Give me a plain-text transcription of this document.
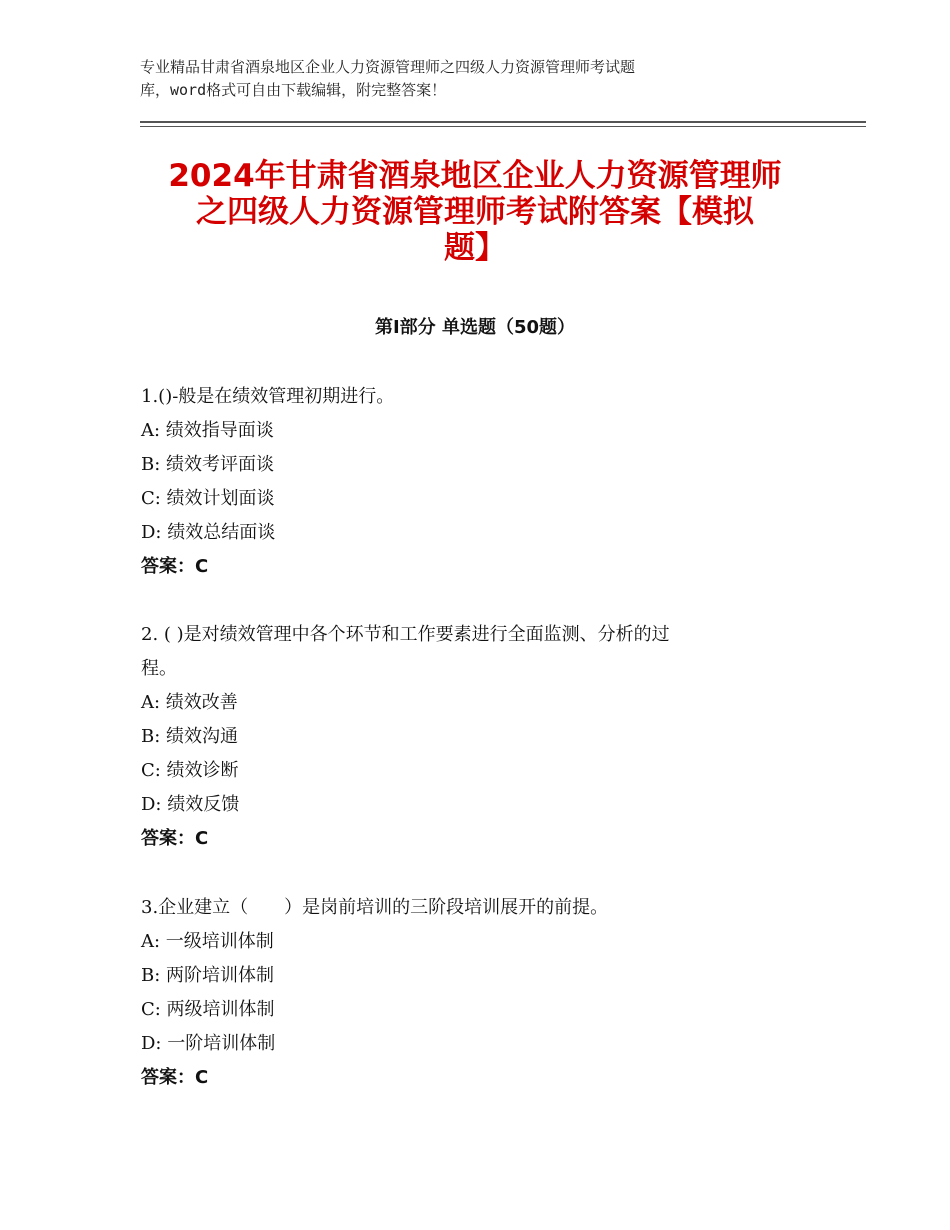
专业精品甘肃省酒泉地区企业人力资源管理师之四级人力资源管理师考试题
库，word格式可自由下载编辑，附完整答案！
2024年甘肃省酒泉地区企业人力资源管理师
之四级人力资源管理师考试附答案【模拟
题】
第Ⅰ部分 单选题（50题）
1.()-般是在绩效管理初期进行。
A: 绩效指导面谈
B: 绩效考评面谈
C: 绩效计划面谈
D: 绩效总结面谈
答案：C
2. ( )是对绩效管理中各个环节和工作要素进行全面监测、分析的过
程。
A: 绩效改善
B: 绩效沟通
C: 绩效诊断
D: 绩效反馈
答案：C
3.企业建立（　　）是岗前培训的三阶段培训展开的前提。
A: 一级培训体制
B: 两阶培训体制
C: 两级培训体制
D: 一阶培训体制
答案：C
